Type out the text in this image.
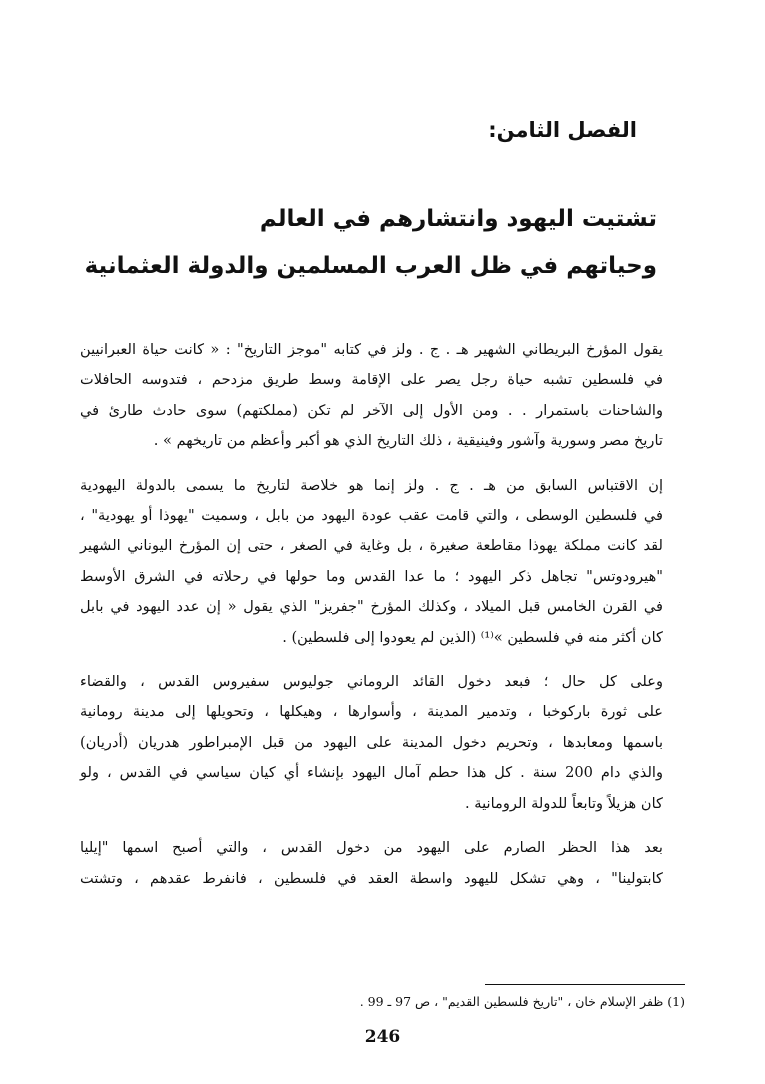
الفصل الثامن:
تشتيت اليهود وانتشارهم في العالم
وحياتهم في ظل العرب المسلمين والدولة العثمانية

يقول المؤرخ البريطاني الشهير هـ . ج . ولز في كتابه "موجز التاريخ" : « كانت حياة العبرانيين
في فلسطين تشبه حياة رجل يصر على الإقامة وسط طريق مزدحم ، فتدوسه الحافلات
والشاحنات باستمرار . . ومن الأول إلى الآخر لم تكن (مملكتهم) سوى حادث طارئ في
تاريخ مصر وسورية وآشور وفينيقية ، ذلك التاريخ الذي هو أكبر وأعظم من تاريخهم » .

إن الاقتباس السابق من هـ . ج . ولز إنما هو خلاصة لتاريخ ما يسمى بالدولة اليهودية
في فلسطين الوسطى ، والتي قامت عقب عودة اليهود من بابل ، وسميت "يهوذا أو يهودية" ،
لقد كانت مملكة يهوذا مقاطعة صغيرة ، بل وغاية في الصغر ، حتى إن المؤرخ اليوناني الشهير
"هيرودوتس" تجاهل ذكر اليهود ؛ ما عدا القدس وما حولها في رحلاته في الشرق الأوسط
في القرن الخامس قبل الميلاد ، وكذلك المؤرخ "جفريز" الذي يقول « إن عدد اليهود في بابل
كان أكثر منه في فلسطين »⁽¹⁾ (الذين لم يعودوا إلى فلسطين) .

وعلى كل حال ؛ فبعد دخول القائد الروماني جوليوس سفيروس القدس ، والقضاء
على ثورة باركوخبا ، وتدمير المدينة ، وأسوارها ، وهيكلها ، وتحويلها إلى مدينة رومانية
باسمها ومعابدها ، وتحريم دخول المدينة على اليهود من قبل الإمبراطور هدريان (أدريان)
والذي دام 200 سنة . كل هذا حطم آمال اليهود بإنشاء أي كيان سياسي في القدس ، ولو
كان هزيلاً وتابعاً للدولة الرومانية .

بعد هذا الحظر الصارم على اليهود من دخول القدس ، والتي أصبح اسمها "إيليا
كابتولينا" ، وهي تشكل لليهود واسطة العقد في فلسطين ، فانفرط عقدهم ، وتشتت

(1) ظفر الإسلام خان ، "تاريخ فلسطين القديم" ، ص 97 ـ 99 .
246
